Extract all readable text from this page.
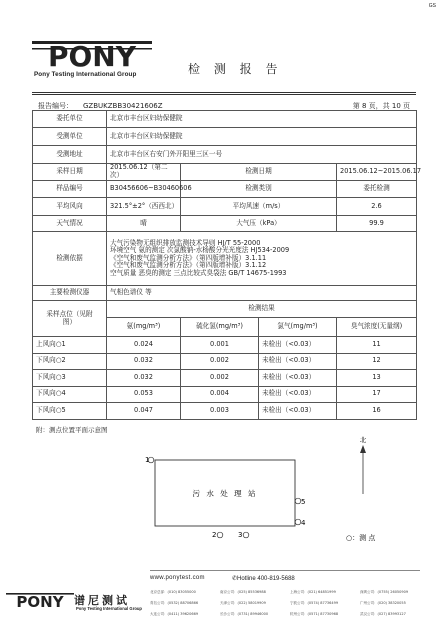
GS
PONY
Pony Testing International Group	检 测 报 告
报告编号： GZBUKZBB30421606Z	第 8 页，共 10 页
委托单位	北京市丰台区妇幼保健院			
受测单位	北京市丰台区妇幼保健院			
受测地址	北京市丰台区右安门外开阳里三区一号			
采样日期	2015.06.12（第二次）	检测日期		2015.06.12~2015.06.17
样品编号	B30456606~B30460606	检测类别		委托检测
平均风向	321.5°±2°（西西北）	平均风速（m/s）		2.6
天气情况	晴	大气压（kPa）		99.9
检测依据	大气污染物无组织排放监测技术导则 HJ/T 55-2000
环境空气 氨的测定 次氯酸钠-水杨酸分光光度法 HJ534-2009
《空气和废气监测分析方法》（第四版增补版）3.1.11
《空气和废气监测分析方法》（第四版增补版）3.1.12
空气质量 恶臭的测定 三点比较式臭袋法 GB/T 14675-1993			

主要检测仪器	气相色谱仪 等			
采样点位（见附图）	检测结果			
	氨(mg/m³)	硫化氢(mg/m³)	氯气(mg/m³)	臭气浓度(无量纲)
上风向○1	0.024	0.001	未检出（<0.03）	11
下风向○2	0.032	0.002	未检出（<0.03）	12
下风向○3	0.032	0.002	未检出（<0.03）	13
下风向○4	0.053	0.004	未检出（<0.03）	17
下风向○5	0.047	0.003	未检出（<0.03）	16
附：测点位置平面示意图
1
污 水 处 理 站
5
4
2	3
北
○：测 点
www.ponytest.com	✆Hotline 400-819-5688
PONY 谱尼测试
Pony Testing International Group
北京总部：(010) 83055000	南京公司：(025) 85536988	上海公司：(021) 64851999	深圳公司：(0755) 26050909
青岛公司：(0532) 88706866	天津公司：(022) 58019909	宁波公司：(0574) 87736499	广州公司：(020) 38320055
大连公司：(0411) 39620669	长沙公司：(0731) 89946000	杭州公司：(0571) 87730968	武汉公司：(027) 83993127
